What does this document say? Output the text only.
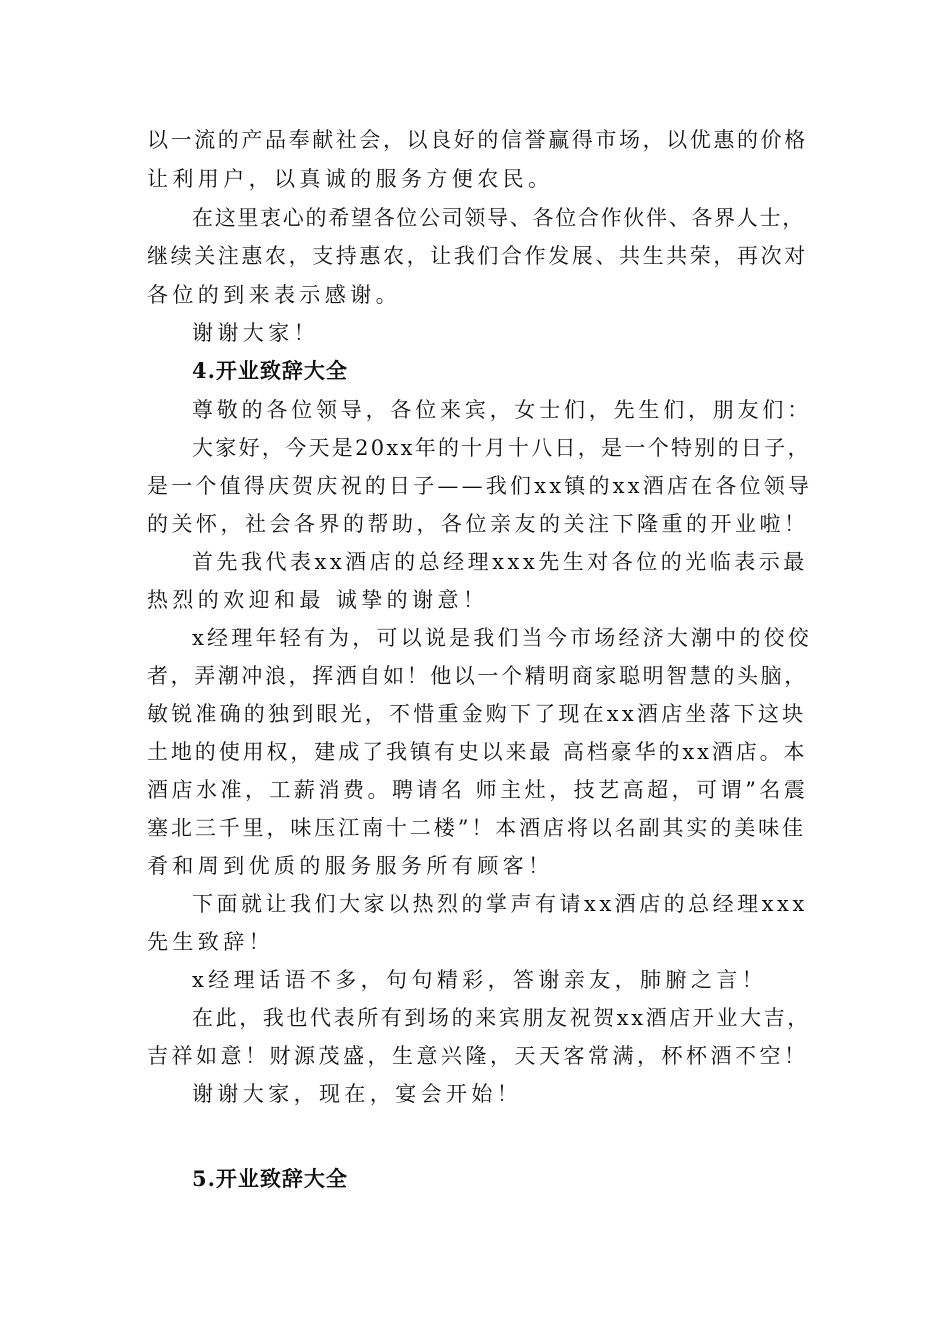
以一流的产品奉献社会，以良好的信誉赢得市场，以优惠的价格
让利用户，以真诚的服务方便农民。
在这里衷心的希望各位公司领导、各位合作伙伴、各界人士，
继续关注惠农，支持惠农，让我们合作发展、共生共荣，再次对
各位的到来表示感谢。
谢谢大家！
4.开业致辞大全
尊敬的各位领导，各位来宾，女士们，先生们，朋友们：
大家好，今天是20xx年的十月十八日，是一个特别的日子，
是一个值得庆贺庆祝的日子——我们xx镇的xx酒店在各位领导
的关怀，社会各界的帮助，各位亲友的关注下隆重的开业啦！
首先我代表xx酒店的总经理xxx先生对各位的光临表示最
热烈的欢迎和最 诚挚的谢意！
x经理年轻有为，可以说是我们当今市场经济大潮中的佼佼
者，弄潮冲浪，挥洒自如！他以一个精明商家聪明智慧的头脑，
敏锐准确的独到眼光，不惜重金购下了现在xx酒店坐落下这块
土地的使用权，建成了我镇有史以来最 高档豪华的xx酒店。本
酒店水准，工薪消费。聘请名 师主灶，技艺高超，可谓”名震
塞北三千里，味压江南十二楼”！本酒店将以名副其实的美味佳
肴和周到优质的服务服务所有顾客！
下面就让我们大家以热烈的掌声有请xx酒店的总经理xxx
先生致辞！
x经理话语不多，句句精彩，答谢亲友，肺腑之言！
在此，我也代表所有到场的来宾朋友祝贺xx酒店开业大吉，
吉祥如意！财源茂盛，生意兴隆，天天客常满，杯杯酒不空！
谢谢大家，现在，宴会开始！
5.开业致辞大全
